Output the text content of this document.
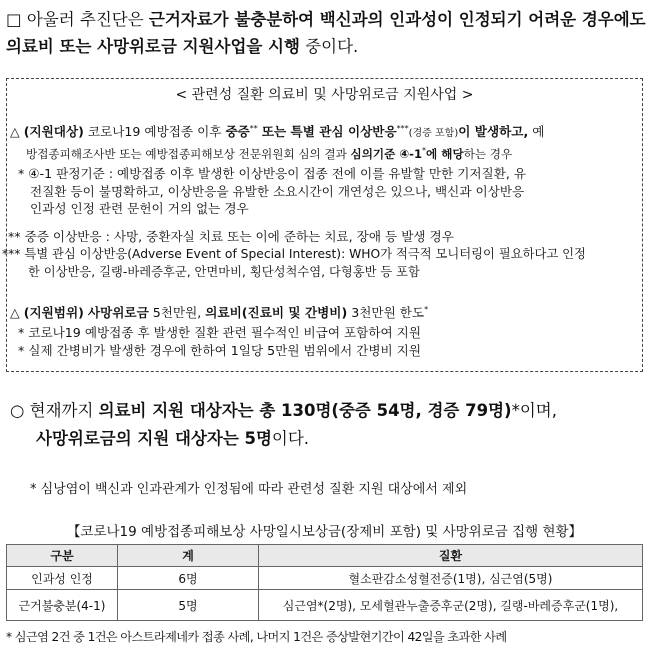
□ 아울러 추진단은 근거자료가 불충분하여 백신과의 인과성이 인정되기 어려운 경우에도 의료비 또는 사망위로금 지원사업을 시행 중이다.
< 관련성 질환 의료비 및 사망위로금 지원사업 >
△ (지원대상) 코로나19 예방접종 이후 중증** 또는 특별 관심 이상반응***(경증 포함)이 발생하고, 예
방접종피해조사반 또는 예방접종피해보상 전문위원회 심의 결과 심의기준 ④-1*에 해당하는 경우
* ④-1 판정기준 : 예방접종 이후 발생한 이상반응이 접종 전에 이를 유발할 만한 기저질환, 유
전질환 등이 불명확하고, 이상반응을 유발한 소요시간이 개연성은 있으나, 백신과 이상반응
인과성 인정 관련 문헌이 거의 없는 경우
** 중증 이상반응 : 사망, 중환자실 치료 또는 이에 준하는 치료, 장애 등 발생 경우
*** 특별 관심 이상반응(Adverse Event of Special Interest): WHO가 적극적 모니터링이 필요하다고 인정
한 이상반응, 길랭-바레증후군, 안면마비, 횡단성척수염, 다형홍반 등 포함
△ (지원범위) 사망위로금 5천만원, 의료비(진료비 및 간병비) 3천만원 한도*
* 코로나19 예방접종 후 발생한 질환 관련 필수적인 비급여 포함하여 지원
* 실제 간병비가 발생한 경우에 한하여 1일당 5만원 범위에서 간병비 지원
○ 현재까지 의료비 지원 대상자는 총 130명(중증 54명, 경증 79명)*이며,
사망위로금의 지원 대상자는 5명이다.
* 심낭염이 백신과 인과관계가 인정됨에 따라 관련성 질환 지원 대상에서 제외
【코로나19 예방접종피해보상 사망일시보상금(장제비 포함) 및 사망위로금 집행 현황】
구분	계	질환
인과성 인정	6명	혈소판감소성혈전증(1명), 심근염(5명)
근거불충분(4-1)	5명	심근염*(2명), 모세혈관누출증후군(2명), 길랭-바레증후군(1명),
* 심근염 2건 중 1건은 아스트라제네카 접종 사례, 나머지 1건은 증상발현기간이 42일을 초과한 사례
